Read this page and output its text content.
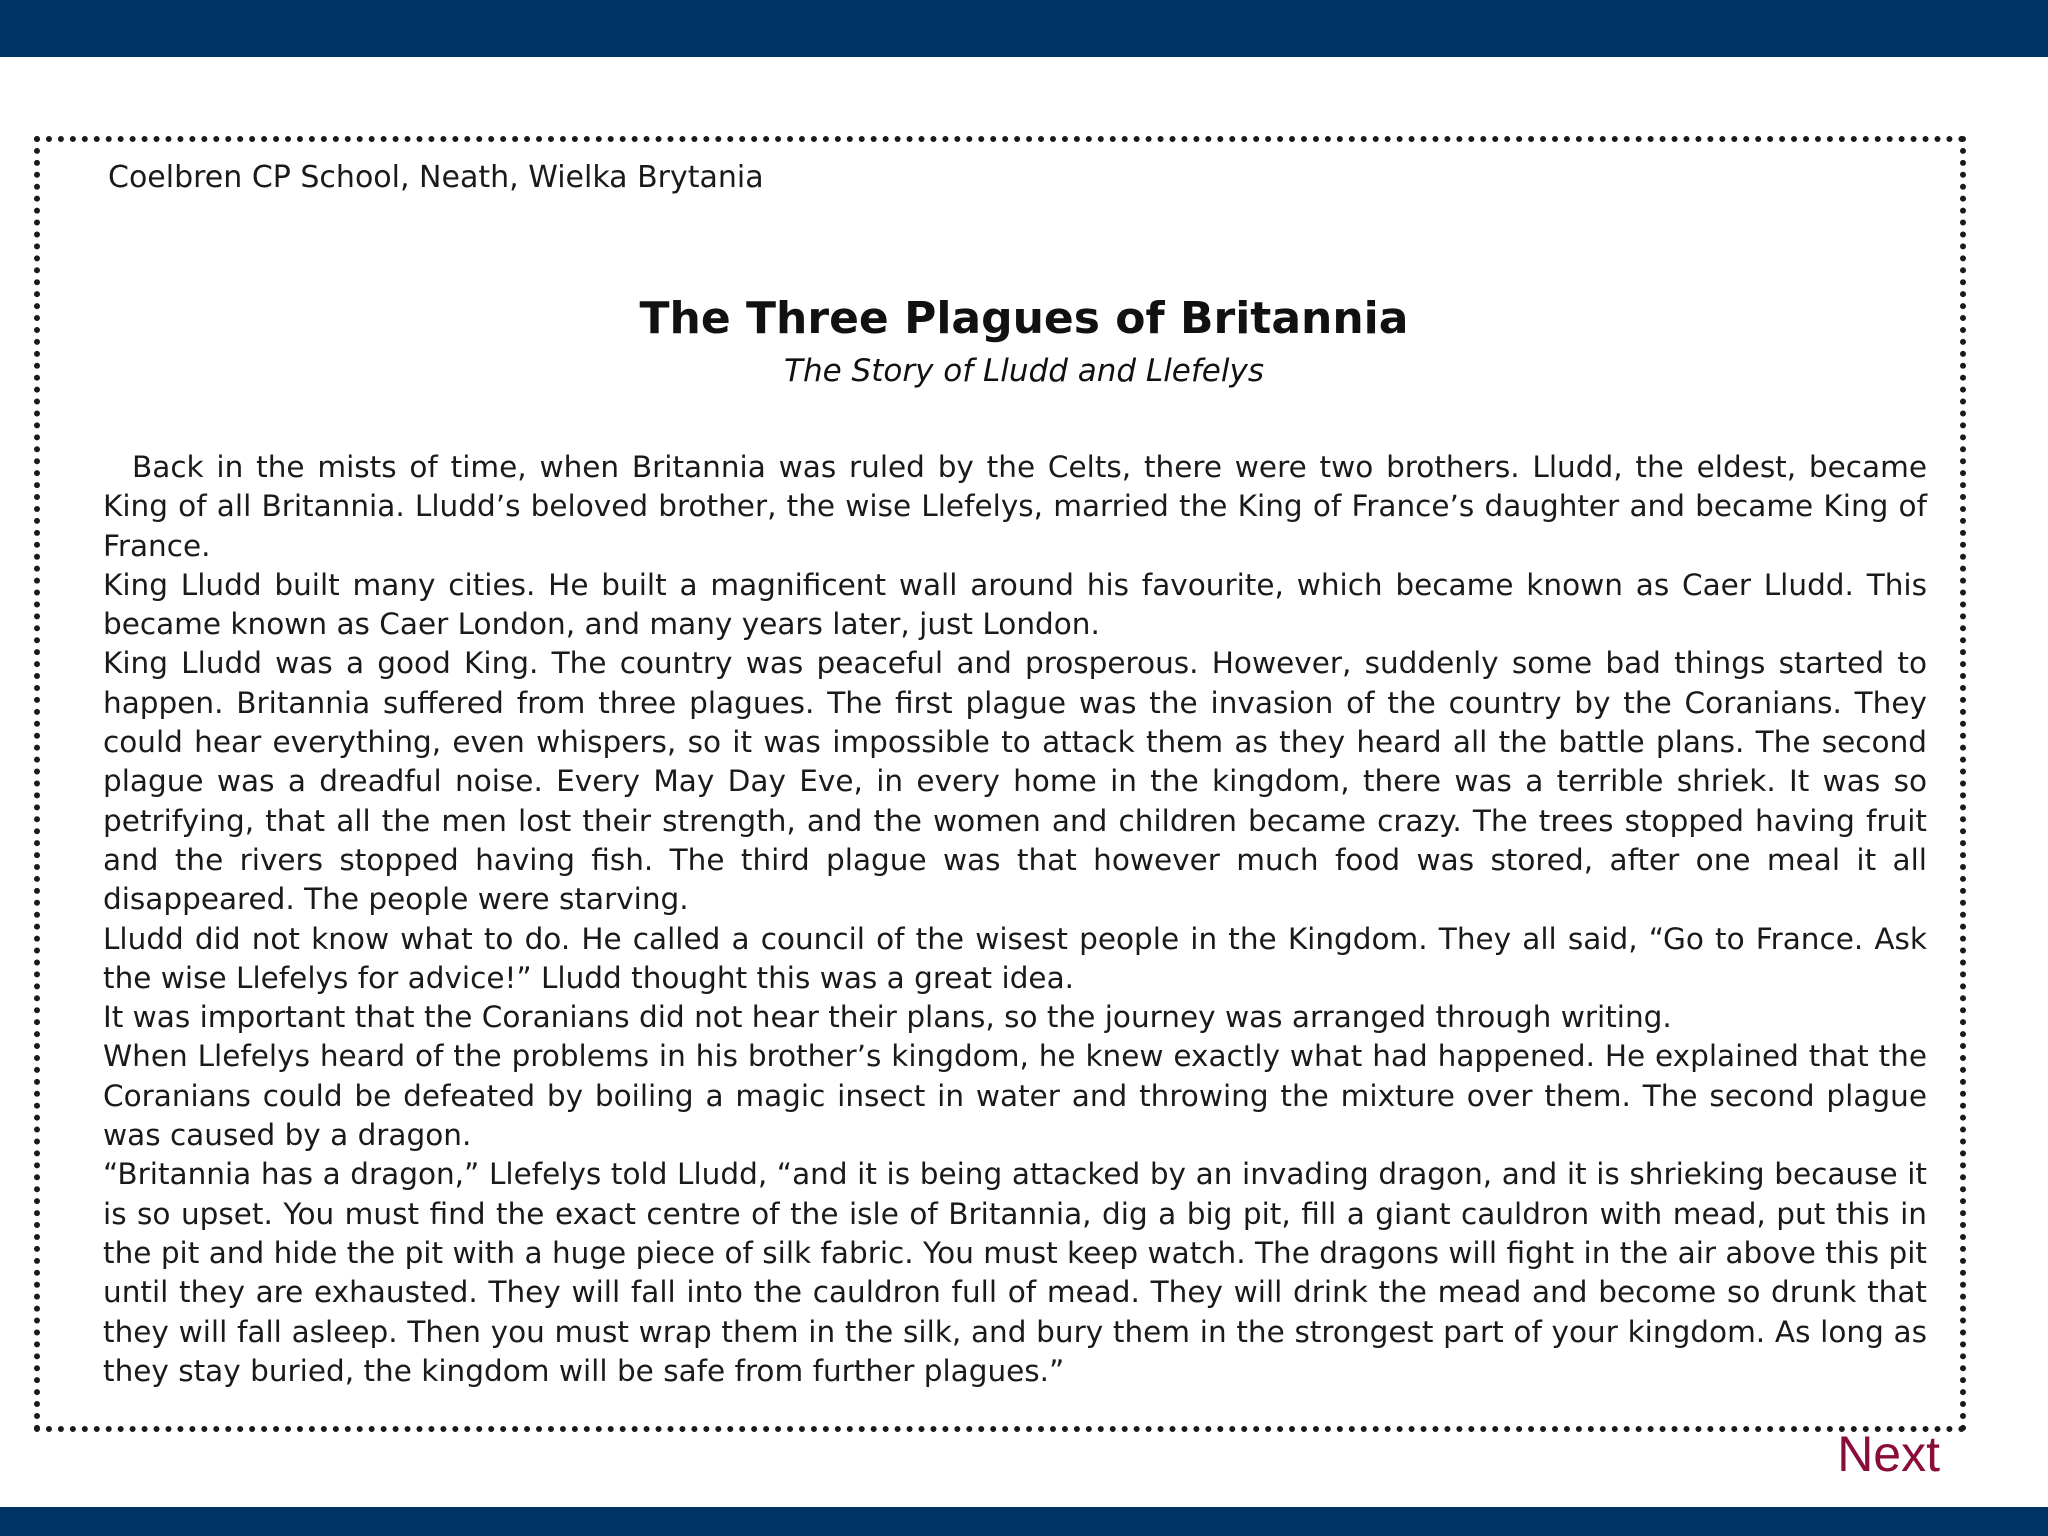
Coelbren CP School, Neath, Wielka Brytania
The Three Plagues of Britannia
The Story of Lludd and Llefelys

Back in the mists of time, when Britannia was ruled by the Celts, there were two brothers. Lludd, the eldest, became King of all Britannia. Lludd’s beloved brother, the wise Llefelys, married the King of France’s daughter and became King of France.

King Lludd built many cities. He built a magnificent wall around his favourite, which became known as Caer Lludd. This became known as Caer London, and many years later, just London.

King Lludd was a good King. The country was peaceful and prosperous. However, suddenly some bad things started to happen. Britannia suffered from three plagues. The first plague was the invasion of the country by the Coranians. They could hear everything, even whispers, so it was impossible to attack them as they heard all the battle plans. The second plague was a dreadful noise. Every May Day Eve, in every home in the kingdom, there was a terrible shriek. It was so petrifying, that all the men lost their strength, and the women and children became crazy. The trees stopped having fruit and the rivers stopped having fish. The third plague was that however much food was stored, after one meal it all disappeared. The people were starving.

Lludd did not know what to do. He called a council of the wisest people in the Kingdom. They all said, “Go to France. Ask the wise Llefelys for advice!” Lludd thought this was a great idea.

It was important that the Coranians did not hear their plans, so the journey was arranged through writing.

When Llefelys heard of the problems in his brother’s kingdom, he knew exactly what had happened. He explained that the Coranians could be defeated by boiling a magic insect in water and throwing the mixture over them. The second plague was caused by a dragon.

“Britannia has a dragon,” Llefelys told Lludd, “and it is being attacked by an invading dragon, and it is shrieking because it is so upset. You must find the exact centre of the isle of Britannia, dig a big pit, fill a giant cauldron with mead, put this in the pit and hide the pit with a huge piece of silk fabric. You must keep watch. The dragons will fight in the air above this pit until they are exhausted. They will fall into the cauldron full of mead. They will drink the mead and become so drunk that they will fall asleep. Then you must wrap them in the silk, and bury them in the strongest part of your kingdom. As long as they stay buried, the kingdom will be safe from further plagues.”

Next
